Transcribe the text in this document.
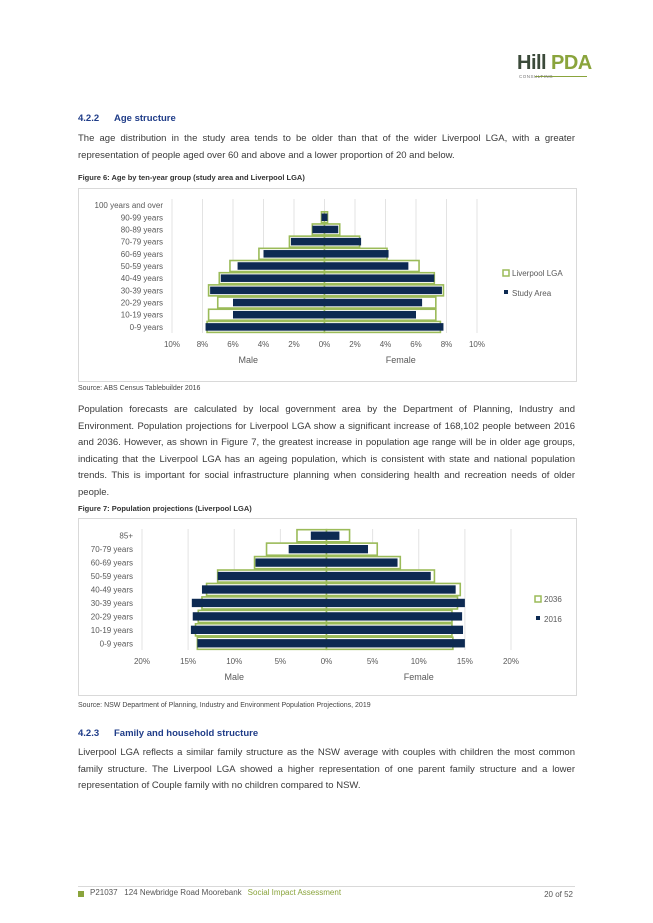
Hill PDA
CONSULTING
4.2.2 Age structure
The age distribution in the study area tends to be older than that of the wider Liverpool LGA, with a greater representation of people aged over 60 and above and a lower proportion of 20 and below.
Figure 6: Age by ten-year group (study area and Liverpool LGA)
10% 8% 6% 4% 2% 0% 2% 4% 6% 8% 10%
0-9 years
10-19 years
20-29 years
30-39 years
40-49 years
50-59 years
60-69 years
70-79 years
80-89 years
90-99 years
100 years and over
Male	Female
Liverpool LGA
Study Area
Source: ABS Census Tablebuilder 2016
Population forecasts are calculated by local government area by the Department of Planning, Industry and Environment. Population projections for Liverpool LGA show a significant increase of 168,102 people between 2016 and 2036. However, as shown in Figure 7, the greatest increase in population age range will be in older age groups, indicating that the Liverpool LGA has an ageing population, which is consistent with state and national population trends. This is important for social infrastructure planning when considering health and recreation needs of older people.
Figure 7: Population projections (Liverpool LGA)
20%	15%	10%	5%	0%	5%	10%	15%	20%
0-9 years
10-19 years
20-29 years
30-39 years
40-49 years
50-59 years
60-69 years
70-79 years
85+
Male	Female
2036
2016
Source: NSW Department of Planning, Industry and Environment Population Projections, 2019
4.2.3 Family and household structure
Liverpool LGA reflects a similar family structure as the NSW average with couples with children the most common family structure. The Liverpool LGA showed a higher representation of one parent family structure and a lower representation of Couple family with no children compared to NSW.
P21037 124 Newbridge Road Moorebank Social Impact Assessment	20 of 52
